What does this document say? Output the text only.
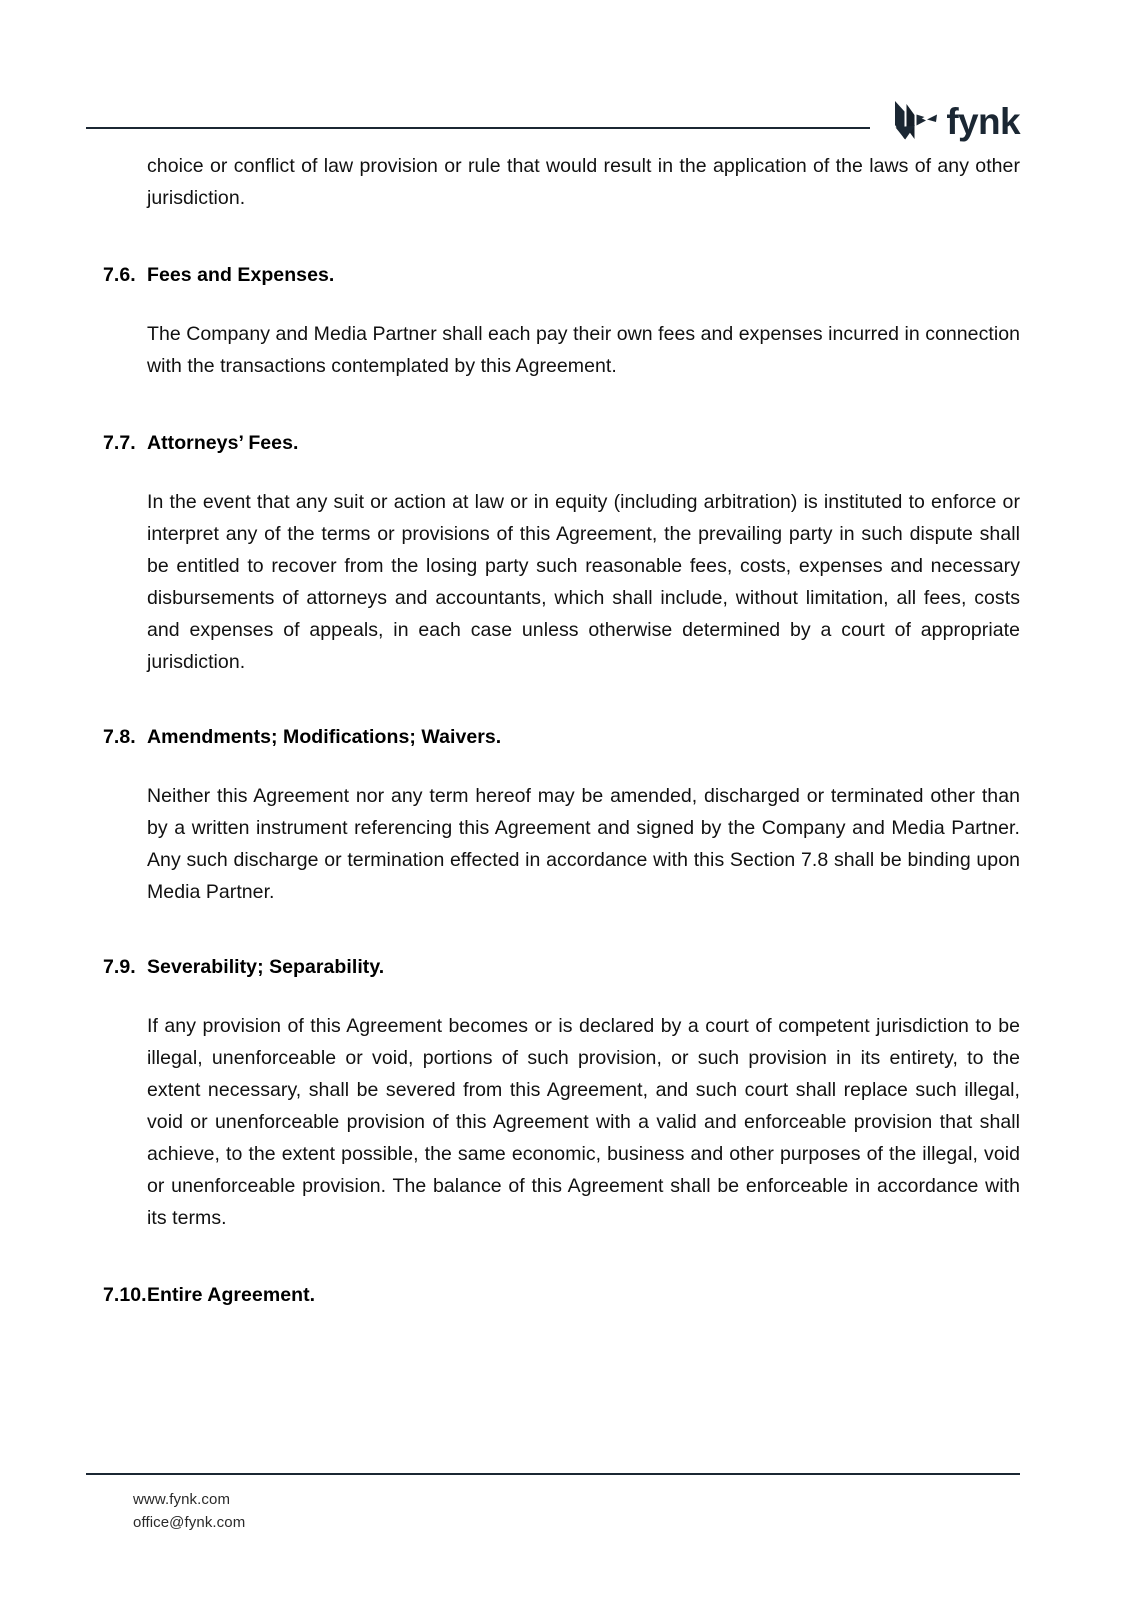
fynk

choice or conflict of law provision or rule that would result in the application of the laws of any other jurisdiction.

7.6. Fees and Expenses.

The Company and Media Partner shall each pay their own fees and expenses incurred in connection with the transactions contemplated by this Agreement.

7.7. Attorneys’ Fees.

In the event that any suit or action at law or in equity (including arbitration) is instituted to enforce or interpret any of the terms or provisions of this Agreement, the prevailing party in such dispute shall be entitled to recover from the losing party such reasonable fees, costs, expenses and necessary disbursements of attorneys and accountants, which shall include, without limitation, all fees, costs and expenses of appeals, in each case unless otherwise determined by a court of appropriate jurisdiction.

7.8. Amendments; Modifications; Waivers.

Neither this Agreement nor any term hereof may be amended, discharged or terminated other than by a written instrument referencing this Agreement and signed by the Company and Media Partner. Any such discharge or termination effected in accordance with this Section 7.8 shall be binding upon Media Partner.

7.9. Severability; Separability.

If any provision of this Agreement becomes or is declared by a court of competent jurisdiction to be illegal, unenforceable or void, portions of such provision, or such provision in its entirety, to the extent necessary, shall be severed from this Agreement, and such court shall replace such illegal, void or unenforceable provision of this Agreement with a valid and enforceable provision that shall achieve, to the extent possible, the same economic, business and other purposes of the illegal, void or unenforceable provision. The balance of this Agreement shall be enforceable in accordance with its terms.

7.10. Entire Agreement.
www.fynk.com
office@fynk.com
